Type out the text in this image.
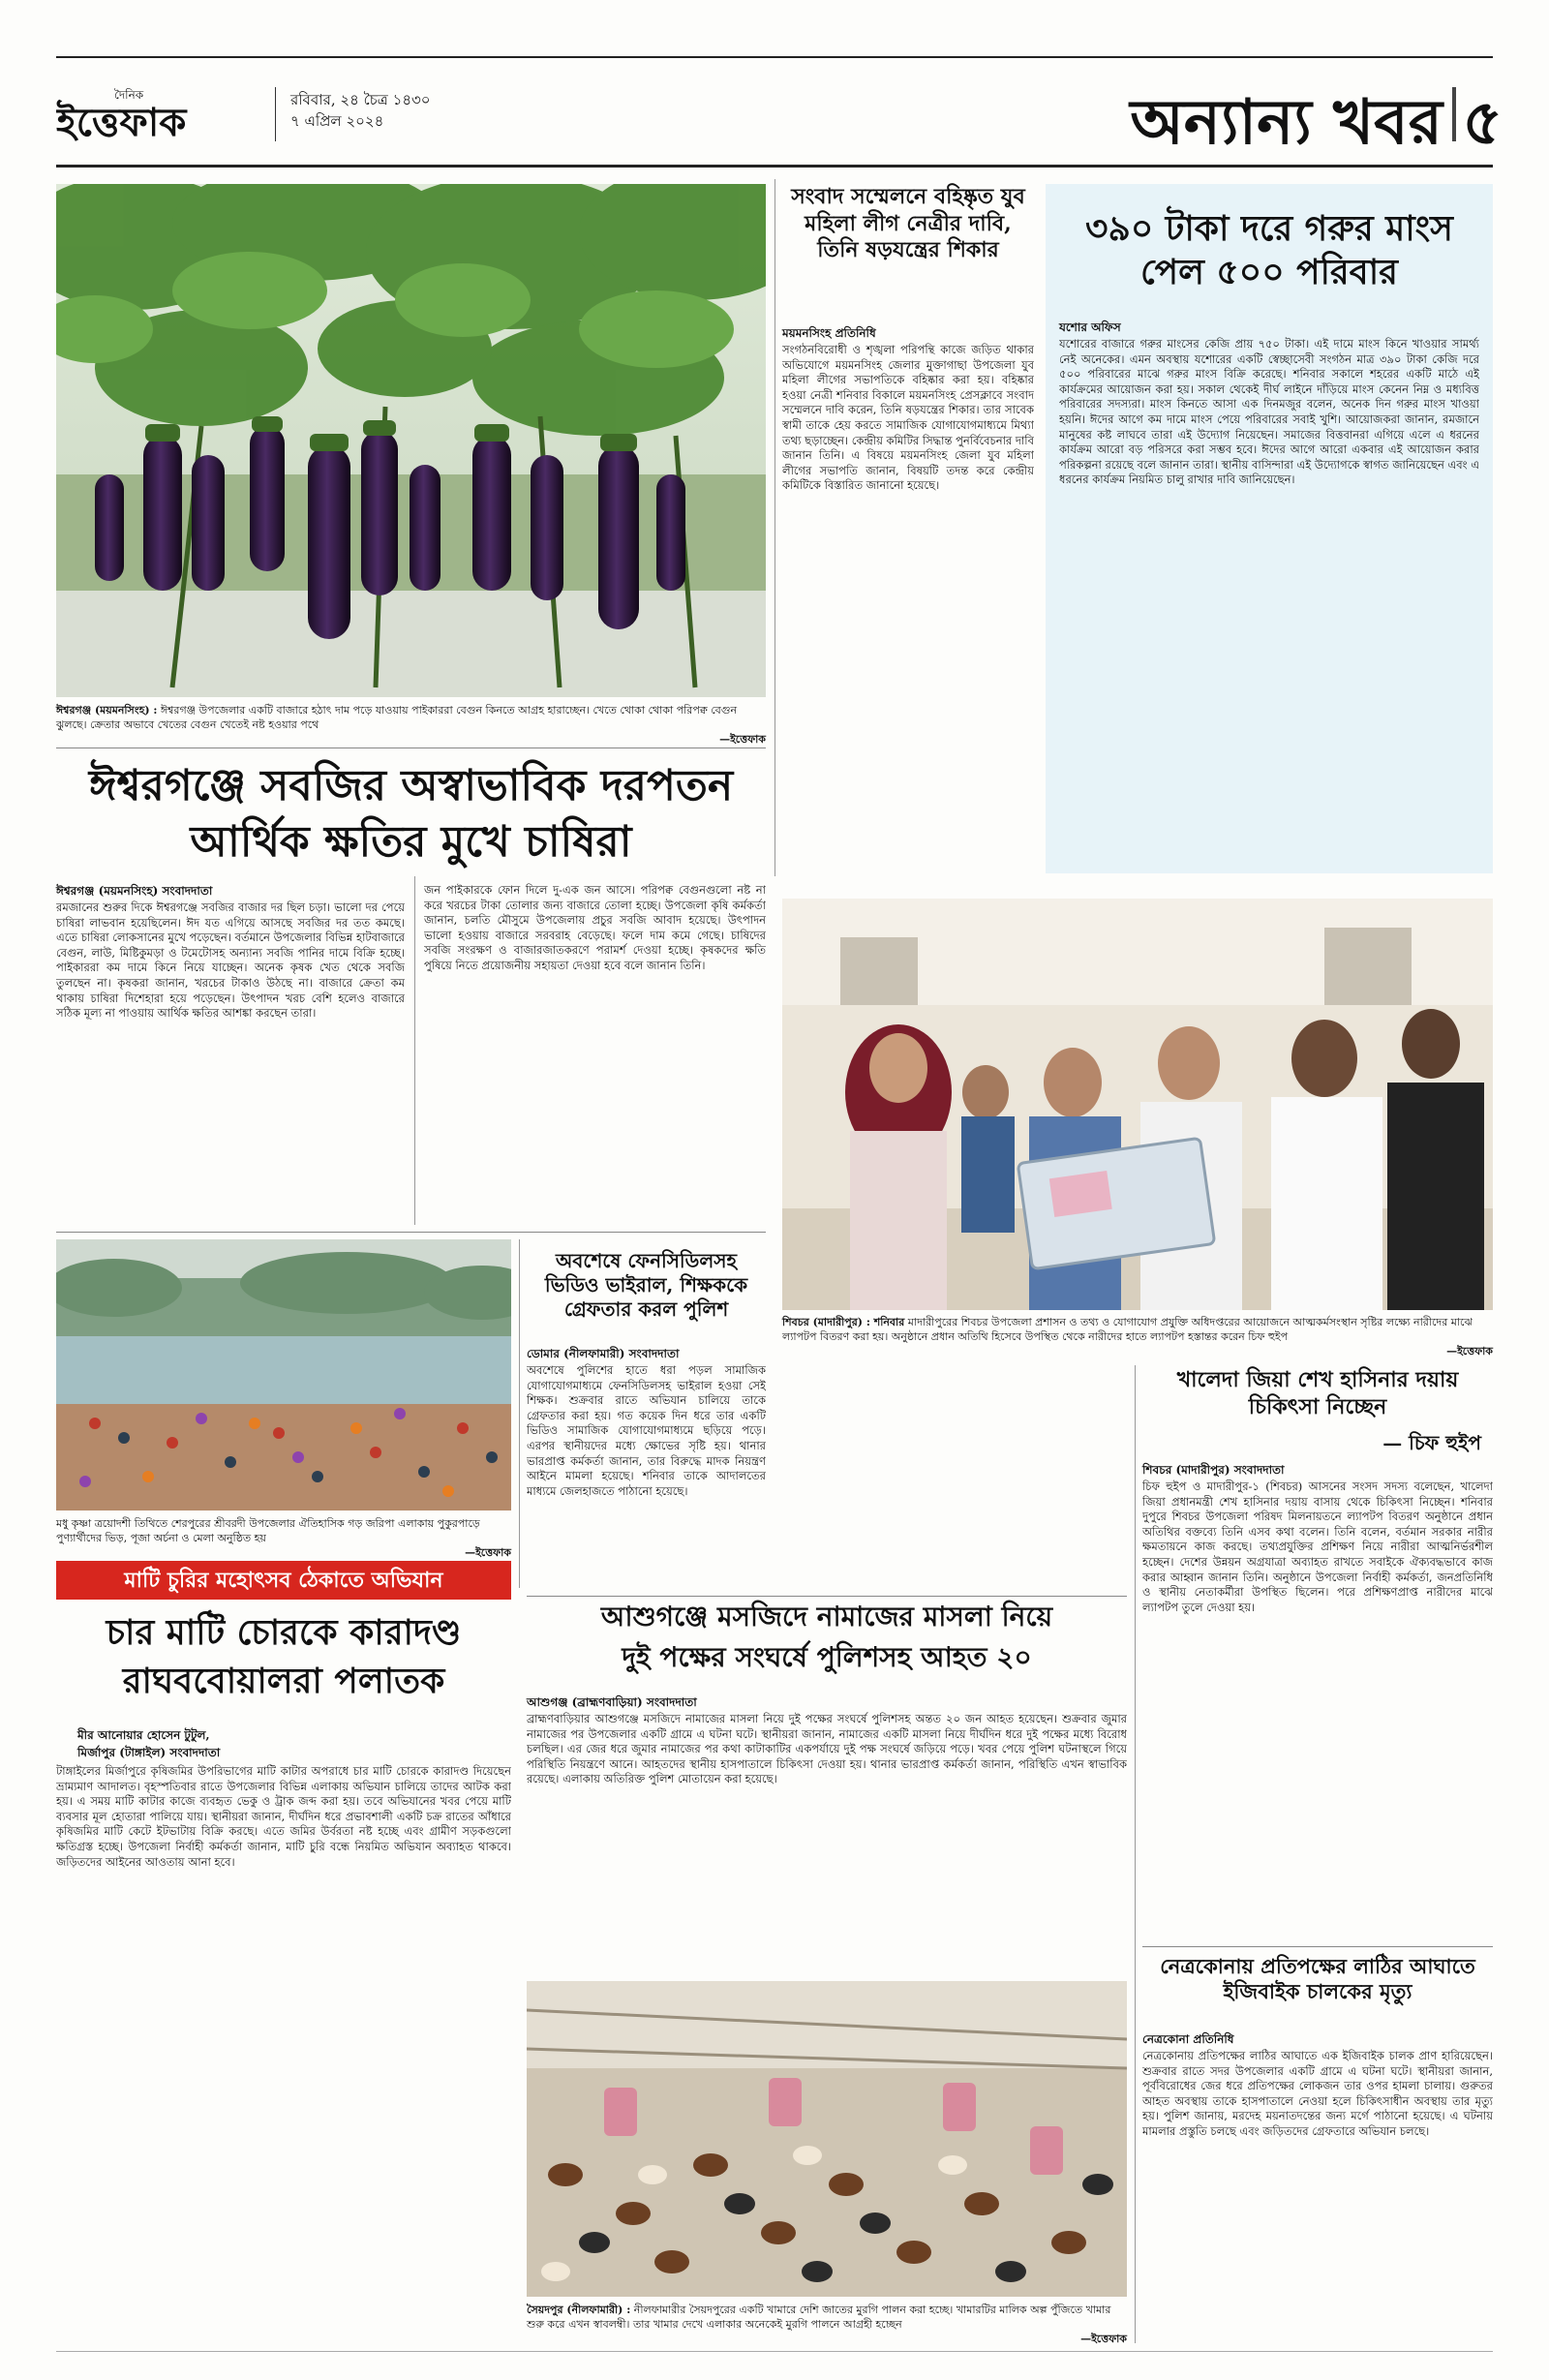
দৈনিক
ইত্তেফাক	রবিবার, ২৪ চৈত্র ১৪৩০
৭ এপ্রিল ২০২৪	অন্যান্য খবর ৫
ঈশ্বরগঞ্জ (ময়মনসিংহ) : ঈশ্বরগঞ্জ উপজেলার একটি বাজারে হঠাৎ দাম পড়ে যাওয়ায় পাইকাররা বেগুন কিনতে আগ্রহ হারাচ্ছেন। খেতে থোকা থোকা পরিপক্ব বেগুন ঝুলছে। ক্রেতার অভাবে খেতের বেগুন খেতেই নষ্ট হওয়ার পথে
—ইত্তেফাক
ঈশ্বরগঞ্জে সবজির অস্বাভাবিক দরপতন
আর্থিক ক্ষতির মুখে চাষিরা
ঈশ্বরগঞ্জ (ময়মনসিংহ) সংবাদদাতা
রমজানের শুরুর দিকে ঈশ্বরগঞ্জে সবজির বাজার দর ছিল চড়া। ভালো দর পেয়ে চাষিরা লাভবান হয়েছিলেন। ঈদ যত এগিয়ে আসছে সবজির দর তত কমছে। এতে চাষিরা লোকসানের মুখে পড়েছেন। বর্তমানে উপজেলার বিভিন্ন হাটবাজারে বেগুন, লাউ, মিষ্টিকুমড়া ও টমেটোসহ অন্যান্য সবজি পানির দামে বিক্রি হচ্ছে। পাইকাররা কম দামে কিনে নিয়ে যাচ্ছেন। অনেক কৃষক খেত থেকে সবজি তুলছেন না। কৃষকরা জানান, খরচের টাকাও উঠছে না। বাজারে ক্রেতা কম থাকায় চাষিরা দিশেহারা হয়ে পড়েছেন। উৎপাদন খরচ বেশি হলেও বাজারে সঠিক মূল্য না পাওয়ায় আর্থিক ক্ষতির আশঙ্কা করছেন তারা।
জন পাইকারকে ফোন দিলে দু-এক জন আসে। পরিপক্ব বেগুনগুলো নষ্ট না করে খরচের টাকা তোলার জন্য বাজারে তোলা হচ্ছে। উপজেলা কৃষি কর্মকর্তা জানান, চলতি মৌসুমে উপজেলায় প্রচুর সবজি আবাদ হয়েছে। উৎপাদন ভালো হওয়ায় বাজারে সরবরাহ বেড়েছে। ফলে দাম কমে গেছে। চাষিদের সবজি সংরক্ষণ ও বাজারজাতকরণে পরামর্শ দেওয়া হচ্ছে। কৃষকদের ক্ষতি পুষিয়ে নিতে প্রয়োজনীয় সহায়তা দেওয়া হবে বলে জানান তিনি।
সংবাদ সম্মেলনে বহিষ্কৃত যুব মহিলা লীগ নেত্রীর দাবি, তিনি ষড়যন্ত্রের শিকার
ময়মনসিংহ প্রতিনিধি
সংগঠনবিরোধী ও শৃঙ্খলা পরিপন্থি কাজে জড়িত থাকার অভিযোগে ময়মনসিংহ জেলার মুক্তাগাছা উপজেলা যুব মহিলা লীগের সভাপতিকে বহিষ্কার করা হয়। বহিষ্কার হওয়া নেত্রী শনিবার বিকালে ময়মনসিংহ প্রেসক্লাবে সংবাদ সম্মেলনে দাবি করেন, তিনি ষড়যন্ত্রের শিকার। তার সাবেক স্বামী তাকে হেয় করতে সামাজিক যোগাযোগমাধ্যমে মিথ্যা তথ্য ছড়াচ্ছেন। কেন্দ্রীয় কমিটির সিদ্ধান্ত পুনর্বিবেচনার দাবি জানান তিনি। এ বিষয়ে ময়মনসিংহ জেলা যুব মহিলা লীগের সভাপতি জানান, বিষয়টি তদন্ত করে কেন্দ্রীয় কমিটিকে বিস্তারিত জানানো হয়েছে।
৩৯০ টাকা দরে গরুর মাংস পেল ৫০০ পরিবার
যশোর অফিস
যশোরের বাজারে গরুর মাংসের কেজি প্রায় ৭৫০ টাকা। এই দামে মাংস কিনে খাওয়ার সামর্থ্য নেই অনেকের। এমন অবস্থায় যশোরের একটি স্বেচ্ছাসেবী সংগঠন মাত্র ৩৯০ টাকা কেজি দরে ৫০০ পরিবারের মাঝে গরুর মাংস বিক্রি করেছে। শনিবার সকালে শহরের একটি মাঠে এই কার্যক্রমের আয়োজন করা হয়। সকাল থেকেই দীর্ঘ লাইনে দাঁড়িয়ে মাংস কেনেন নিম্ন ও মধ্যবিত্ত পরিবারের সদস্যরা। মাংস কিনতে আসা এক দিনমজুর বলেন, অনেক দিন গরুর মাংস খাওয়া হয়নি। ঈদের আগে কম দামে মাংস পেয়ে পরিবারের সবাই খুশি। আয়োজকরা জানান, রমজানে মানুষের কষ্ট লাঘবে তারা এই উদ্যোগ নিয়েছেন। সমাজের বিত্তবানরা এগিয়ে এলে এ ধরনের কার্যক্রম আরো বড় পরিসরে করা সম্ভব হবে। ঈদের আগে আরো একবার এই আয়োজন করার পরিকল্পনা রয়েছে বলে জানান তারা। স্থানীয় বাসিন্দারা এই উদ্যোগকে স্বাগত জানিয়েছেন এবং এ ধরনের কার্যক্রম নিয়মিত চালু রাখার দাবি জানিয়েছেন।
শিবচর (মাদারীপুর) : শনিবার মাদারীপুরের শিবচর উপজেলা প্রশাসন ও তথ্য ও যোগাযোগ প্রযুক্তি অধিদপ্তরের আয়োজনে আত্মকর্মসংস্থান সৃষ্টির লক্ষ্যে নারীদের মাঝে ল্যাপটপ বিতরণ করা হয়। অনুষ্ঠানে প্রধান অতিথি হিসেবে উপস্থিত থেকে নারীদের হাতে ল্যাপটপ হস্তান্তর করেন চিফ হুইপ
—ইত্তেফাক
মধু কৃষ্ণা ত্রয়োদশী তিথিতে শেরপুরের শ্রীবরদী উপজেলার ঐতিহাসিক গড় জরিপা এলাকায় পুকুরপাড়ে পুণ্যার্থীদের ভিড়, পূজা অর্চনা ও মেলা অনুষ্ঠিত হয়
—ইত্তেফাক
অবশেষে ফেনসিডিলসহ ভিডিও ভাইরাল, শিক্ষককে গ্রেফতার করল পুলিশ
ডোমার (নীলফামারী) সংবাদদাতা
অবশেষে পুলিশের হাতে ধরা পড়ল সামাজিক যোগাযোগমাধ্যমে ফেনসিডিলসহ ভাইরাল হওয়া সেই শিক্ষক। শুক্রবার রাতে অভিযান চালিয়ে তাকে গ্রেফতার করা হয়। গত কয়েক দিন ধরে তার একটি ভিডিও সামাজিক যোগাযোগমাধ্যমে ছড়িয়ে পড়ে। এরপর স্থানীয়দের মধ্যে ক্ষোভের সৃষ্টি হয়। থানার ভারপ্রাপ্ত কর্মকর্তা জানান, তার বিরুদ্ধে মাদক নিয়ন্ত্রণ আইনে মামলা হয়েছে। শনিবার তাকে আদালতের মাধ্যমে জেলহাজতে পাঠানো হয়েছে।
মাটি চুরির মহোৎসব ঠেকাতে অভিযান
চার মাটি চোরকে কারাদণ্ড
রাঘববোয়ালরা পলাতক
মীর আনোয়ার হোসেন টুটুল,
মির্জাপুর (টাঙ্গাইল) সংবাদদাতা
টাঙ্গাইলের মির্জাপুরে কৃষিজমির উপরিভাগের মাটি কাটার অপরাধে চার মাটি চোরকে কারাদণ্ড দিয়েছেন ভ্রাম্যমাণ আদালত। বৃহস্পতিবার রাতে উপজেলার বিভিন্ন এলাকায় অভিযান চালিয়ে তাদের আটক করা হয়। এ সময় মাটি কাটার কাজে ব্যবহৃত ভেকু ও ট্রাক জব্দ করা হয়। তবে অভিযানের খবর পেয়ে মাটি ব্যবসার মূল হোতারা পালিয়ে যায়। স্থানীয়রা জানান, দীর্ঘদিন ধরে প্রভাবশালী একটি চক্র রাতের আঁধারে কৃষিজমির মাটি কেটে ইটভাটায় বিক্রি করছে। এতে জমির উর্বরতা নষ্ট হচ্ছে এবং গ্রামীণ সড়কগুলো ক্ষতিগ্রস্ত হচ্ছে। উপজেলা নির্বাহী কর্মকর্তা জানান, মাটি চুরি বন্ধে নিয়মিত অভিযান অব্যাহত থাকবে। জড়িতদের আইনের আওতায় আনা হবে।
আশুগঞ্জে মসজিদে নামাজের মাসলা নিয়ে
দুই পক্ষের সংঘর্ষে পুলিশসহ আহত ২০
আশুগঞ্জ (ব্রাহ্মণবাড়িয়া) সংবাদদাতা
ব্রাহ্মণবাড়িয়ার আশুগঞ্জে মসজিদে নামাজের মাসলা নিয়ে দুই পক্ষের সংঘর্ষে পুলিশসহ অন্তত ২০ জন আহত হয়েছেন। শুক্রবার জুমার নামাজের পর উপজেলার একটি গ্রামে এ ঘটনা ঘটে। স্থানীয়রা জানান, নামাজের একটি মাসলা নিয়ে দীর্ঘদিন ধরে দুই পক্ষের মধ্যে বিরোধ চলছিল। এর জের ধরে জুমার নামাজের পর কথা কাটাকাটির একপর্যায়ে দুই পক্ষ সংঘর্ষে জড়িয়ে পড়ে। খবর পেয়ে পুলিশ ঘটনাস্থলে গিয়ে পরিস্থিতি নিয়ন্ত্রণে আনে। আহতদের স্থানীয় হাসপাতালে চিকিৎসা দেওয়া হয়। থানার ভারপ্রাপ্ত কর্মকর্তা জানান, পরিস্থিতি এখন স্বাভাবিক রয়েছে। এলাকায় অতিরিক্ত পুলিশ মোতায়েন করা হয়েছে।
খালেদা জিয়া শেখ হাসিনার দয়ায় চিকিৎসা নিচ্ছেন
— চিফ হুইপ
শিবচর (মাদারীপুর) সংবাদদাতা
চিফ হুইপ ও মাদারীপুর-১ (শিবচর) আসনের সংসদ সদস্য বলেছেন, খালেদা জিয়া প্রধানমন্ত্রী শেখ হাসিনার দয়ায় বাসায় থেকে চিকিৎসা নিচ্ছেন। শনিবার দুপুরে শিবচর উপজেলা পরিষদ মিলনায়তনে ল্যাপটপ বিতরণ অনুষ্ঠানে প্রধান অতিথির বক্তব্যে তিনি এসব কথা বলেন। তিনি বলেন, বর্তমান সরকার নারীর ক্ষমতায়নে কাজ করছে। তথ্যপ্রযুক্তির প্রশিক্ষণ নিয়ে নারীরা আত্মনির্ভরশীল হচ্ছেন। দেশের উন্নয়ন অগ্রযাত্রা অব্যাহত রাখতে সবাইকে ঐক্যবদ্ধভাবে কাজ করার আহ্বান জানান তিনি। অনুষ্ঠানে উপজেলা নির্বাহী কর্মকর্তা, জনপ্রতিনিধি ও স্থানীয় নেতাকর্মীরা উপস্থিত ছিলেন। পরে প্রশিক্ষণপ্রাপ্ত নারীদের মাঝে ল্যাপটপ তুলে দেওয়া হয়।
নেত্রকোনায় প্রতিপক্ষের লাঠির আঘাতে ইজিবাইক চালকের মৃত্যু
নেত্রকোনা প্রতিনিধি
নেত্রকোনায় প্রতিপক্ষের লাঠির আঘাতে এক ইজিবাইক চালক প্রাণ হারিয়েছেন। শুক্রবার রাতে সদর উপজেলার একটি গ্রামে এ ঘটনা ঘটে। স্থানীয়রা জানান, পূর্ববিরোধের জের ধরে প্রতিপক্ষের লোকজন তার ওপর হামলা চালায়। গুরুতর আহত অবস্থায় তাকে হাসপাতালে নেওয়া হলে চিকিৎসাধীন অবস্থায় তার মৃত্যু হয়। পুলিশ জানায়, মরদেহ ময়নাতদন্তের জন্য মর্গে পাঠানো হয়েছে। এ ঘটনায় মামলার প্রস্তুতি চলছে এবং জড়িতদের গ্রেফতারে অভিযান চলছে।
সৈয়দপুর (নীলফামারী) : নীলফামারীর সৈয়দপুরের একটি খামারে দেশি জাতের মুরগি পালন করা হচ্ছে। খামারটির মালিক অল্প পুঁজিতে খামার শুরু করে এখন স্বাবলম্বী। তার খামার দেখে এলাকার অনেকেই মুরগি পালনে আগ্রহী হচ্ছেন
—ইত্তেফাক
